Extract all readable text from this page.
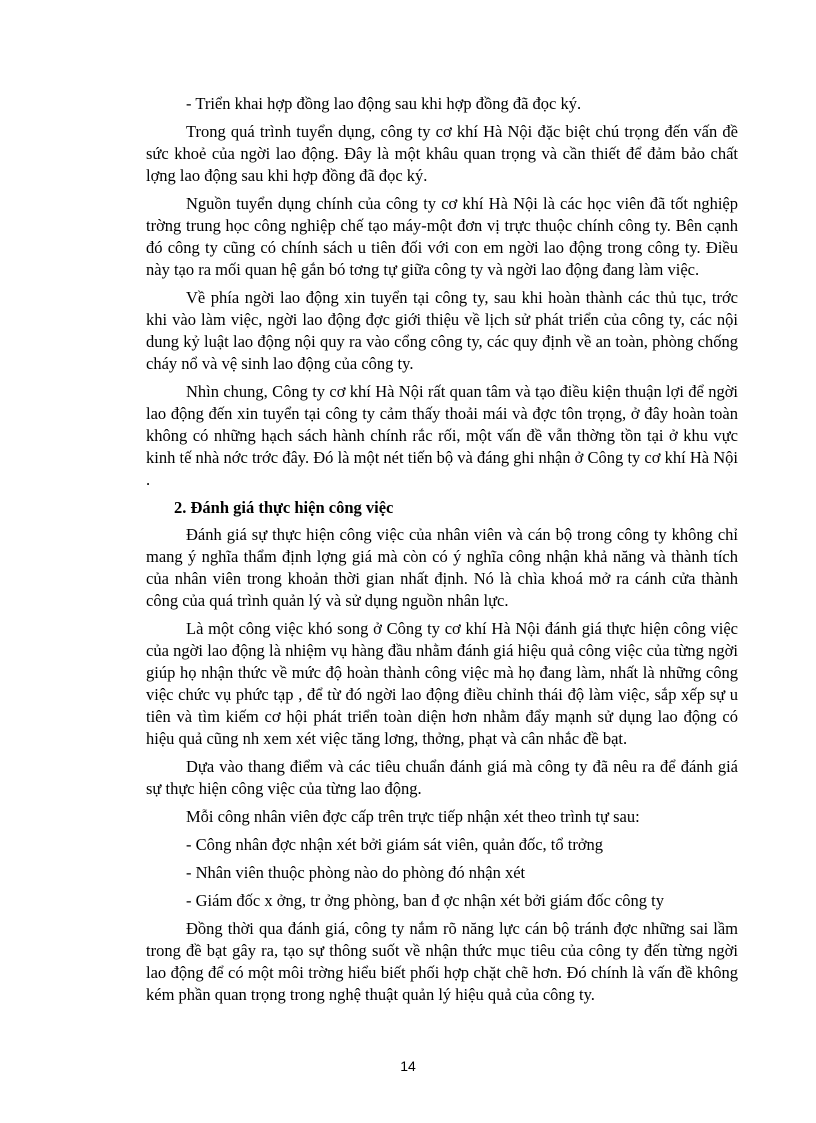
- Triển khai hợp đồng lao động sau khi hợp đồng đã đọc ký.

Trong quá trình tuyển dụng, công ty cơ khí Hà Nội đặc biệt chú trọng đến vấn đề sức khoẻ của ngời lao động. Đây là một khâu quan trọng và cần thiết để đảm bảo chất lợng lao động sau khi hợp đồng đã đọc ký.

Nguồn tuyển dụng chính của công ty cơ khí Hà Nội là các học viên đã tốt nghiệp trờng trung học công nghiệp chế tạo máy-một đơn vị trực thuộc chính công ty. Bên cạnh đó công ty cũng có chính sách u tiên đối với con em ngời lao động trong công ty. Điều này tạo ra mối quan hệ gắn bó tơng tự giữa công ty và ngời lao động đang làm việc.

Về phía ngời lao động xin tuyển tại công ty, sau khi hoàn thành các thủ tục, trớc khi vào làm việc, ngời lao động đợc giới thiệu về lịch sử phát triển của công ty, các nội dung kỷ luật lao động nội quy ra vào cổng công ty, các quy định về an toàn, phòng chống cháy nổ và vệ sinh lao động của công ty.

Nhìn chung, Công ty cơ khí Hà Nội rất quan tâm và tạo điều kiện thuận lợi để ngời lao động đến xin tuyển tại công ty cảm thấy thoải mái và đợc tôn trọng, ở đây hoàn toàn không có những hạch sách hành chính rắc rối, một vấn đề vẫn thờng tồn tại ở khu vực kinh tế nhà nớc trớc đây. Đó là một nét tiến bộ và đáng ghi nhận ở Công ty cơ khí Hà Nội .

2. Đánh giá thực hiện công việc

Đánh giá sự thực hiện công việc của nhân viên và cán bộ trong công ty không chỉ mang ý nghĩa thẩm định lợng giá mà còn có ý nghĩa công nhận khả năng và thành tích của nhân viên trong khoản thời gian nhất định. Nó là chìa khoá mở ra cánh cửa thành công của quá trình quản lý và sử dụng nguồn nhân lực.

Là một công việc khó song ở Công ty cơ khí Hà Nội đánh giá thực hiện công việc của ngời lao động là nhiệm vụ hàng đầu nhằm đánh giá hiệu quả công việc của từng ngời giúp họ nhận thức về mức độ hoàn thành công việc mà họ đang làm, nhất là những công việc chức vụ phức tạp , để từ đó ngời lao động điều chỉnh thái độ làm việc, sắp xếp sự u tiên và tìm kiếm cơ hội phát triển toàn diện hơn nhằm đẩy mạnh sử dụng lao động có hiệu quả cũng nh xem xét việc tăng lơng, thởng, phạt và cân nhắc đề bạt.

Dựa vào thang điểm và các tiêu chuẩn đánh giá mà công ty đã nêu ra để đánh giá sự thực hiện công việc của từng lao động.

Mỗi công nhân viên đợc cấp trên trực tiếp nhận xét theo trình tự sau:

- Công nhân đợc nhận xét bởi giám sát viên, quản đốc, tổ trởng

- Nhân viên thuộc phòng nào do phòng đó nhận xét

- Giám đốc x ởng, tr ởng phòng, ban đ ợc nhận xét bởi giám đốc công ty

Đồng thời qua đánh giá, công ty nắm rõ năng lực cán bộ tránh đợc những sai lầm trong đề bạt gây ra, tạo sự thông suốt về nhận thức mục tiêu của công ty đến từng ngời lao động để có một môi trờng hiểu biết phối hợp chặt chẽ hơn. Đó chính là vấn đề không kém phần quan trọng trong nghệ thuật quản lý hiệu quả của công ty.

14
